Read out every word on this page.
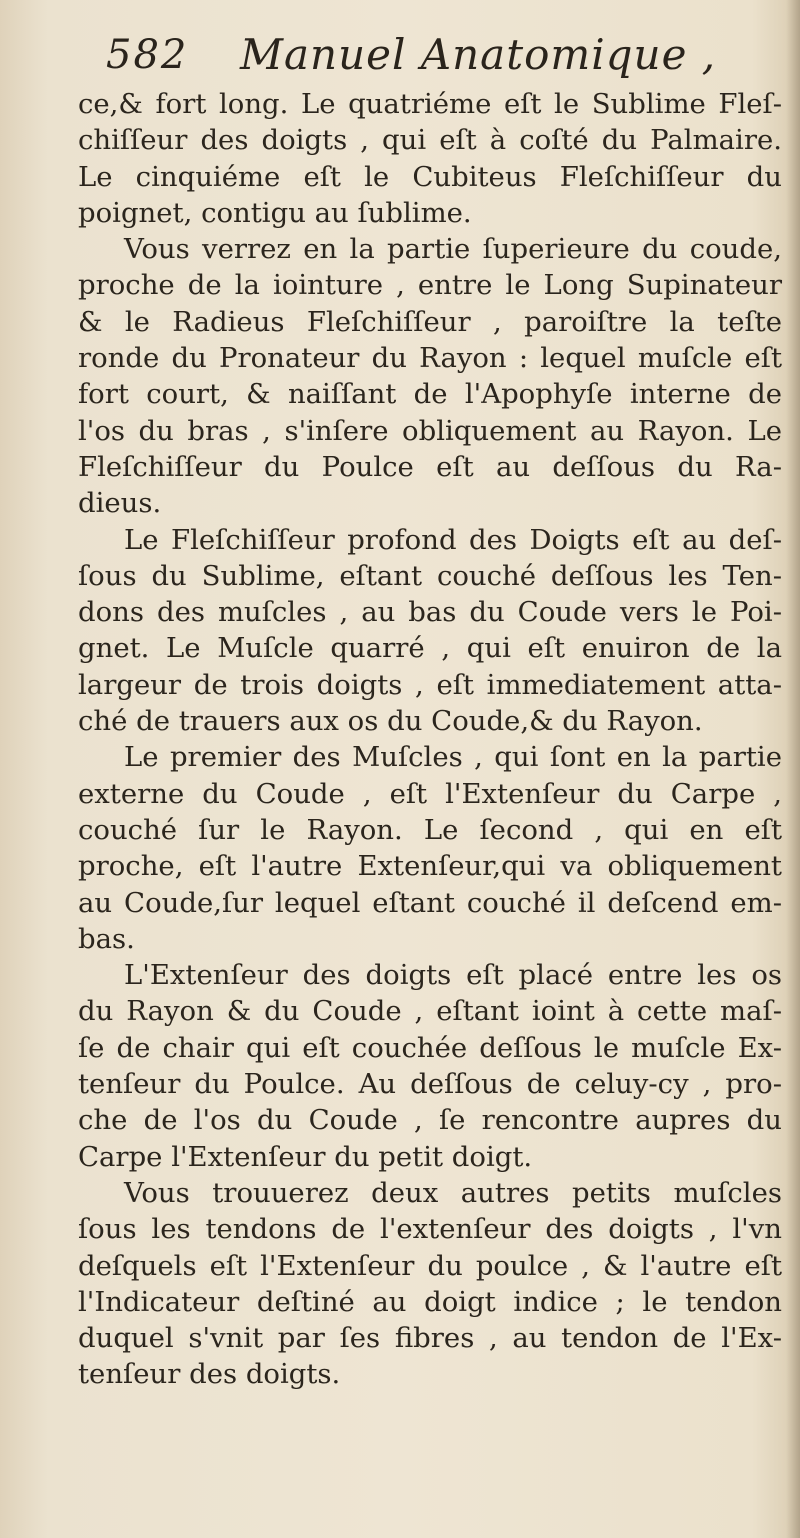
582 Manuel Anatomique ,
ce,& fort long. Le quatriéme eſt le Sublime Fleſ-
chiſſeur des doigts , qui eſt à coſté du Palmaire.
Le cinquiéme eſt le Cubiteus Fleſchiſſeur du
poignet, contigu au ſublime.
Vous verrez en la partie ſuperieure du coude,
proche de la iointure , entre le Long Supinateur
& le Radieus Fleſchiſſeur , paroiſtre la teſte
ronde du Pronateur du Rayon : lequel muſcle eſt
fort court, & naiſſant de l'Apophyſe interne de
l'os du bras , s'inſere obliquement au Rayon. Le
Fleſchiſſeur du Poulce eſt au deſſous du Ra-
dieus.
Le Fleſchiſſeur profond des Doigts eſt au deſ-
ſous du Sublime, eſtant couché deſſous les Ten-
dons des muſcles , au bas du Coude vers le Poi-
gnet. Le Muſcle quarré , qui eſt enuiron de la
largeur de trois doigts , eſt immediatement atta-
ché de trauers aux os du Coude,& du Rayon.
Le premier des Muſcles , qui ſont en la partie
externe du Coude , eſt l'Extenſeur du Carpe ,
couché ſur le Rayon. Le ſecond , qui en eſt
proche, eſt l'autre Extenſeur,qui va obliquement
au Coude,ſur lequel eſtant couché il deſcend em-
bas.
L'Extenſeur des doigts eſt placé entre les os
du Rayon & du Coude , eſtant ioint à cette maſ-
ſe de chair qui eſt couchée deſſous le muſcle Ex-
tenſeur du Poulce. Au deſſous de celuy-cy , pro-
che de l'os du Coude , ſe rencontre aupres du
Carpe l'Extenſeur du petit doigt.
Vous trouuerez deux autres petits muſcles
ſous les tendons de l'extenſeur des doigts , l'vn
deſquels eſt l'Extenſeur du poulce , & l'autre eſt
l'Indicateur deſtiné au doigt indice ; le tendon
duquel s'vnit par ſes fibres , au tendon de l'Ex-
tenſeur des doigts.
